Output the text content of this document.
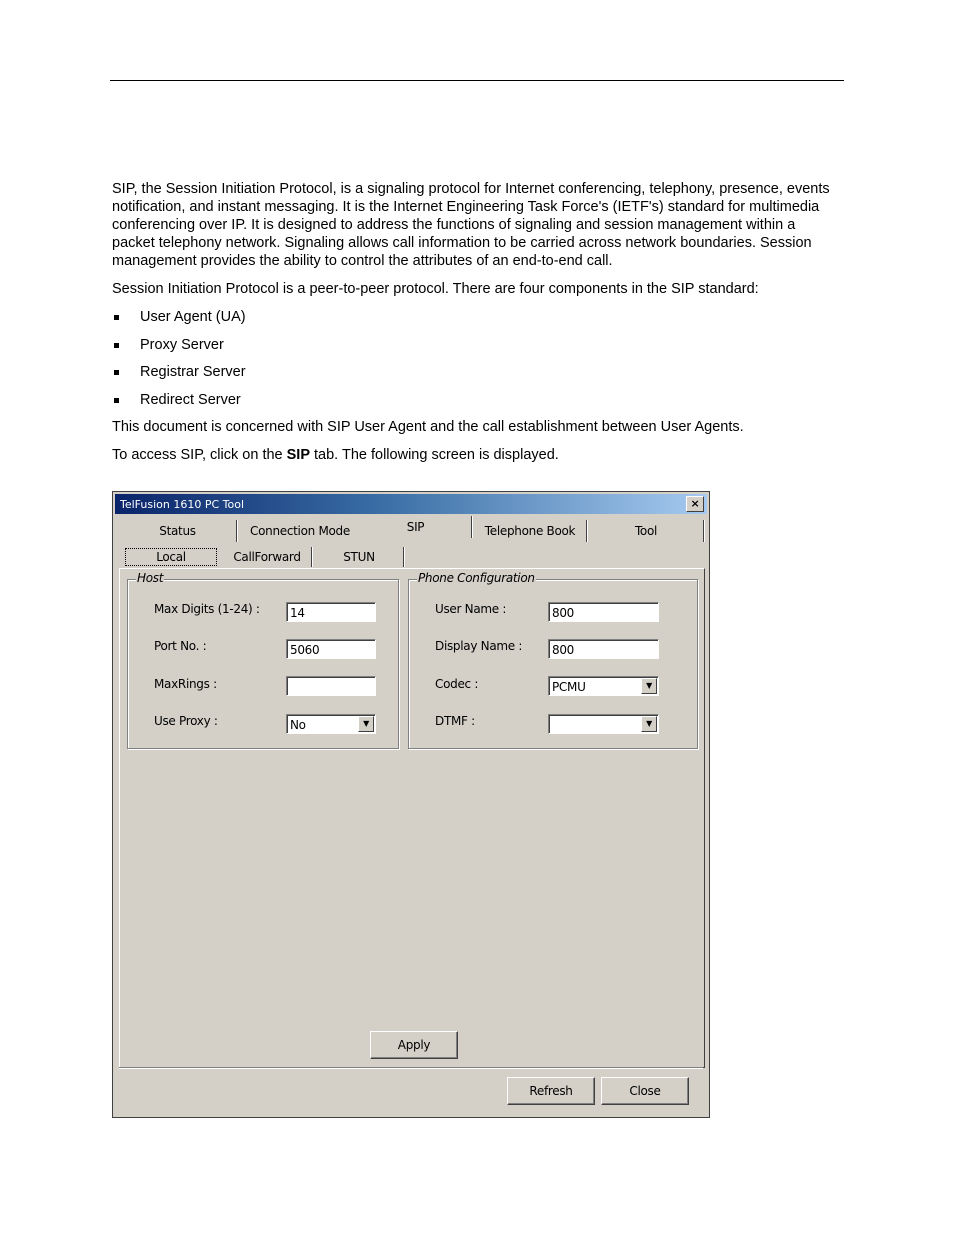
SIP, the Session Initiation Protocol, is a signaling protocol for Internet conferencing, telephony, presence, events notification, and instant messaging. It is the Internet Engineering Task Force's (IETF's) standard for multimedia conferencing over IP. It is designed to address the functions of signaling and session management within a packet telephony network. Signaling allows call information to be carried across network boundaries. Session management provides the ability to control the attributes of an end-to-end call.

Session Initiation Protocol is a peer-to-peer protocol. There are four components in the SIP standard:

User Agent (UA)
Proxy Server
Registrar Server
Redirect Server

This document is concerned with SIP User Agent and the call establishment between User Agents.

To access SIP, click on the SIP tab. The following screen is displayed.

TelFusion 1610 PC Tool	×
Status	Connection Mode	SIP	Telephone Book	Tool
Local	CallForward	STUN
Host
Max Digits (1-24) :	14
Port No. :	5060
MaxRings :
Use Proxy :	No	▼
Phone Configuration
User Name :	800
Display Name :	800
Codec :	PCMU	▼
DTMF :	▼
Apply
Refresh	Close
